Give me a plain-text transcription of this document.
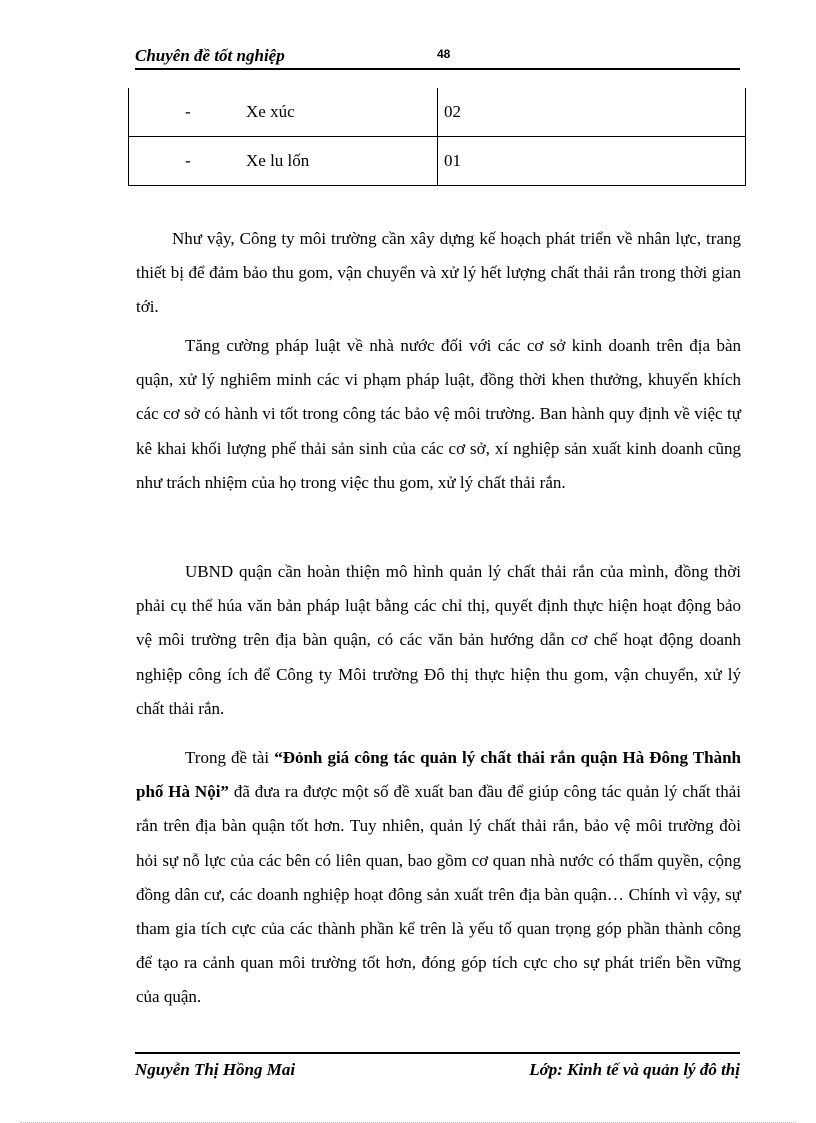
Chuyên đề tốt nghiệp	48
- Xe xúc	02

- Xe lu lốn	01

Như vậy, Công ty môi trường cần xây dựng kế hoạch phát triển về nhân lực, trang thiết bị để đảm bảo thu gom, vận chuyển và xử lý hết lượng chất thải rắn trong thời gian tới.

Tăng cường pháp luật về nhà nước đối với các cơ sở kinh doanh trên địa bàn quận, xử lý nghiêm minh các vi phạm pháp luật, đồng thời khen thưởng, khuyến khích các cơ sở có hành vi tốt trong công tác bảo vệ môi trường. Ban hành quy định về việc tự kê khai khối lượng phế thải sản sinh của các cơ sở, xí nghiệp sản xuất kinh doanh cũng như trách nhiệm của họ trong việc thu gom, xử lý chất thải rắn.

UBND quận cần hoàn thiện mô hình quản lý chất thải rắn của mình, đồng thời phải cụ thể húa văn bản pháp luật bằng các chỉ thị, quyết định thực hiện hoạt động bảo vệ môi trường trên địa bàn quận, có các văn bản hướng dẫn cơ chế hoạt động doanh nghiệp công ích để Công ty Môi trường Đô thị thực hiện thu gom, vận chuyển, xử lý chất thải rắn.

Trong đề tài “Đỏnh giá công tác quản lý chất thải rắn quận Hà Đông Thành phố Hà Nội” đã đưa ra được một số đề xuất ban đầu để giúp công tác quản lý chất thải rắn trên địa bàn quận tốt hơn. Tuy nhiên, quản lý chất thải rắn, bảo vệ môi trường đòi hỏi sự nỗ lực của các bên có liên quan, bao gồm cơ quan nhà nước có thẩm quyền, cộng đồng dân cư, các doanh nghiệp hoạt đông sản xuất trên địa bàn quận… Chính vì vậy, sự tham gia tích cực của các thành phần kể trên là yếu tố quan trọng góp phần thành công để tạo ra cảnh quan môi trường tốt hơn, đóng góp tích cực cho sự phát triển bền vững của quận.

Nguyễn Thị Hồng Mai	Lớp: Kinh tế và quản lý đô thị
